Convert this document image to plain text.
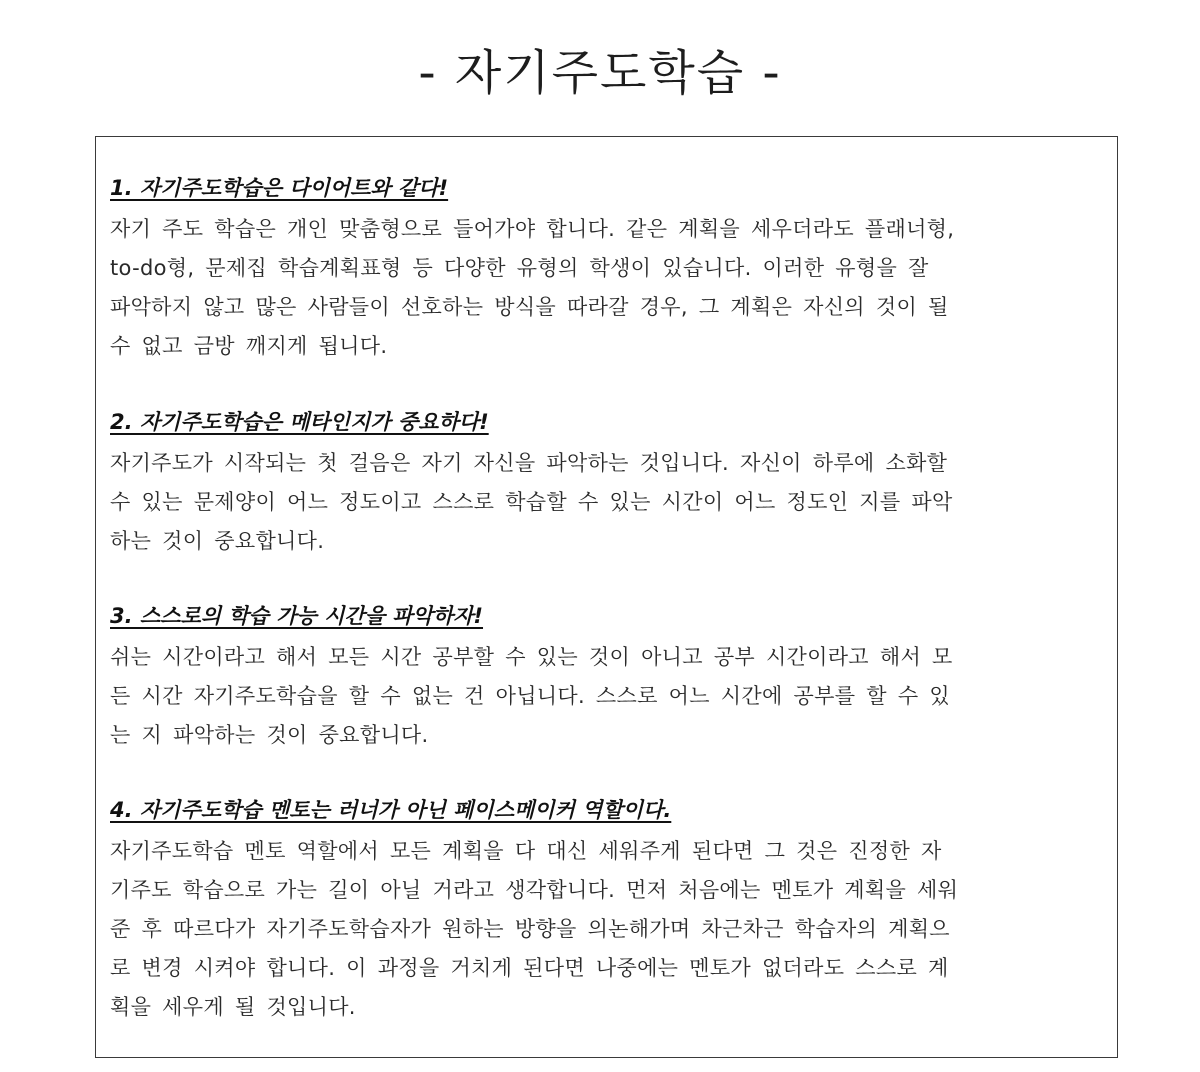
- 자기주도학습 -
1. 자기주도학습은 다이어트와 같다!
자기 주도 학습은 개인 맞춤형으로 들어가야 합니다. 같은 계획을 세우더라도 플래너형,
to-do형, 문제집 학습계획표형 등 다양한 유형의 학생이 있습니다. 이러한 유형을 잘
파악하지 않고 많은 사람들이 선호하는 방식을 따라갈 경우, 그 계획은 자신의 것이 될
수 없고 금방 깨지게 됩니다.
2. 자기주도학습은 메타인지가 중요하다!
자기주도가 시작되는 첫 걸음은 자기 자신을 파악하는 것입니다. 자신이 하루에 소화할
수 있는 문제양이 어느 정도이고 스스로 학습할 수 있는 시간이 어느 정도인 지를 파악
하는 것이 중요합니다.
3. 스스로의 학습 가능 시간을 파악하자!
쉬는 시간이라고 해서 모든 시간 공부할 수 있는 것이 아니고 공부 시간이라고 해서 모
든 시간 자기주도학습을 할 수 없는 건 아닙니다. 스스로 어느 시간에 공부를 할 수 있
는 지 파악하는 것이 중요합니다.
4. 자기주도학습 멘토는 러너가 아닌 페이스메이커 역할이다.
자기주도학습 멘토 역할에서 모든 계획을 다 대신 세워주게 된다면 그 것은 진정한 자
기주도 학습으로 가는 길이 아닐 거라고 생각합니다. 먼저 처음에는 멘토가 계획을 세워
준 후 따르다가 자기주도학습자가 원하는 방향을 의논해가며 차근차근 학습자의 계획으
로 변경 시켜야 합니다. 이 과정을 거치게 된다면 나중에는 멘토가 없더라도 스스로 계
획을 세우게 될 것입니다.
